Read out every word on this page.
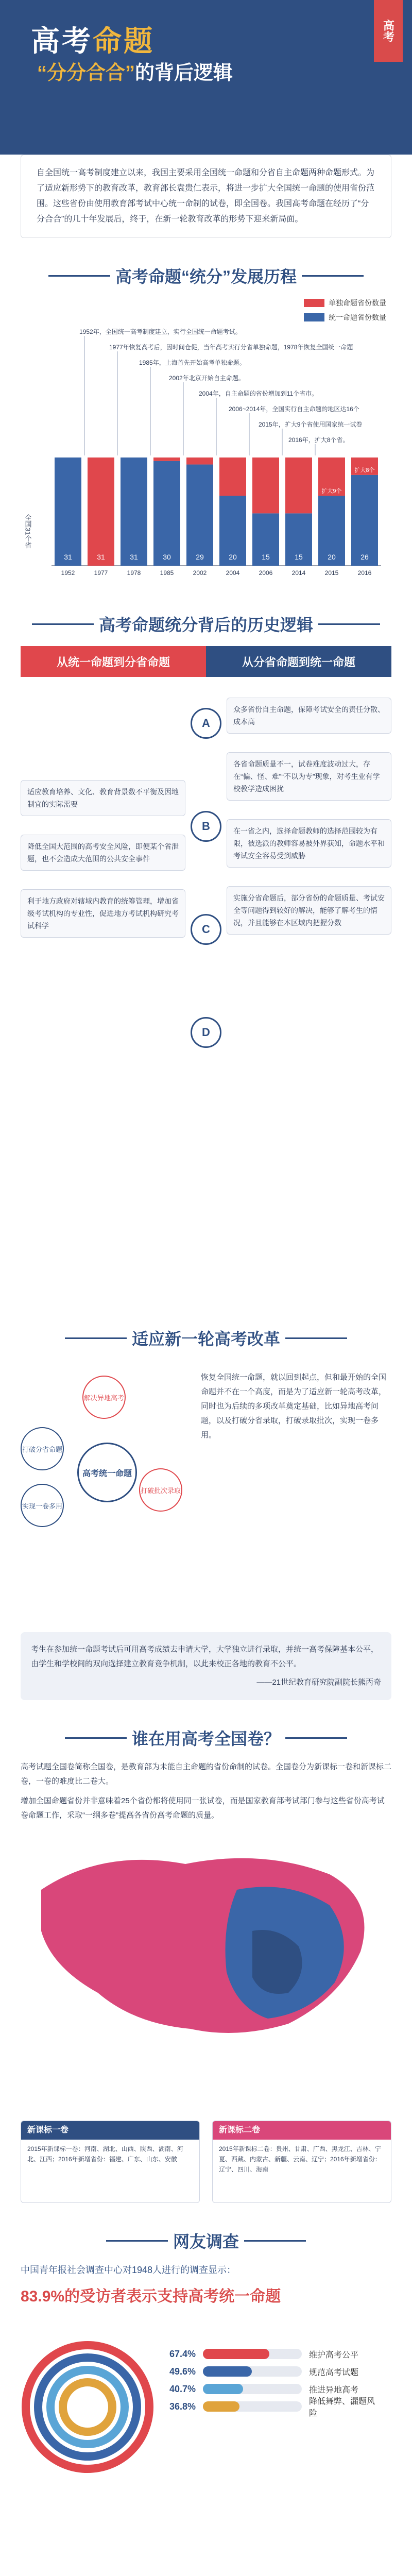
高考
高考命题
“分分合合”的背后逻辑
自全国统一高考制度建立以来，我国主要采用全国统一命题和分省自主命题两种命题形式。为了适应新形势下的教育改革，教育部长袁贵仁表示，将进一步扩大全国统一命题的使用省份范围。这些省份由使用教育部考试中心统一命制的试卷，即全国卷。我国高考命题在经历了“分分合合”的几十年发展后，终于，在新一轮教育改革的形势下迎来新局面。
高考命题“统分”发展历程
全国31个省
31
1952
31
1977
31
1978
30
1985
29
2002
20
2004
15
2006
15
2014
20
2015
扩大9个
26
2016
扩大8个
1952年，全国统一高考制度建立，实行全国统一命题考试。
1977年恢复高考后，因时间仓促，当年高考实行分省单独命题，1978年恢复全国统一命题
1985年，上海首先开始高考单独命题。
2002年北京开始自主命题。
2004年，自主命题的省份增加到11个省市。
2006~2014年，全国实行自主命题的地区达16个
2015年，扩大9个省使用国家统一试卷
2016年，扩大8个省。
单独命题省份数量
统一命题省份数量
高考命题统分背后的历史逻辑
从统一命题到分省命题	从分省命题到统一命题
适应教育培养、文化、教育背景数不平衡及因地制宜的实际需要
降低全国大范围的高考安全风险，即便某个省泄题，也不会造成大范围的公共安全事件
利于地方政府对辖域内教育的统筹管理，增加省级考试机构的专业性，促进地方考试机构研究考试科学
A
B
C
D
众多省份自主命题，保障考试安全的责任分散、成本高
各省命题质量不一，试卷难度波动过大，存在“偏、怪、难”“不以为专”现象，对考生业有学校教学造成困扰
在一省之内，选择命题教师的选择范围较为有限，被选派的教师容易被外界获知，命题水平和考试安全容易受到威胁
实施分省命题后，部分省份的命题质量、考试安全等问题得到较好的解决，能够了解考生的情况，并且能够在本区域内把握分数
适应新一轮高考改革
高考统一命题
打破分省命题
实现一卷多用
解决异地高考
打破批次录取
恢复全国统一命题，就以回到起点，但和最开始的全国命题并不在一个高度，而是为了适应新一轮高考改革，同时也为后续的多项改革奠定基础，比如异地高考问题，以及打破分省录取，打破录取批次，实现一卷多用。
考生在参加统一命题考试后可用高考成绩去申请大学，大学独立进行录取，并统一高考保障基本公平，由学生和学校间的双向选择建立教育竞争机制，以此来校正各地的教育不公平。
——21世纪教育研究院副院长熊丙奇
谁在用高考全国卷？
高考试题全国卷简称全国卷，是教育部为未能自主命题的省份命制的试卷。全国卷分为新课标一卷和新课标二卷，一卷的难度比二卷大。
增加全国命题省份并非意味着25个省份都将使用同一张试卷，而是国家教育部考试部门参与这些省份高考试卷命题工作，采取“一纲多卷”提高各省份高考命题的质量。
新课标一卷
2015年新课标一卷：河南、湖北、山西、陕西、湖南、河北、江西；2016年新增省份：福建、广东、山东、安徽
新课标二卷
2015年新课标二卷：贵州、甘肃、广西、黑龙江、吉林、宁夏、西藏、内蒙古、新疆、云南、辽宁；2016年新增省份：辽宁、四川、海南
网友调查
中国青年报社会调查中心对1948人进行的调查显示：
83.9%的受访者表示支持高考统一命题
67.4%	维护高考公平
49.6%	规范高考试题
40.7%	推进异地高考
36.8%	降低舞弊、漏题风险
